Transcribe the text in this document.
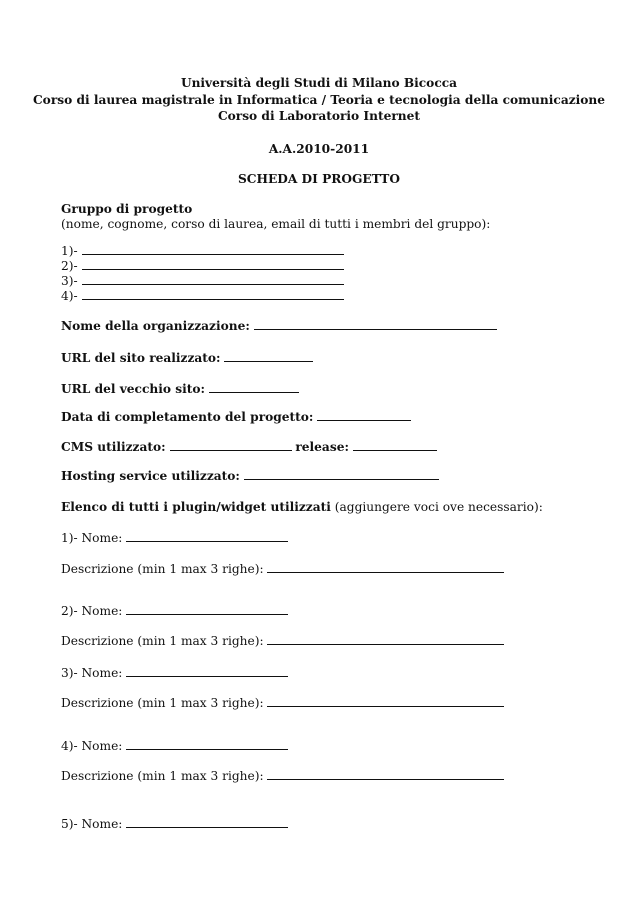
Università degli Studi di Milano Bicocca
Corso di laurea magistrale in Informatica / Teoria e tecnologia della comunicazione
Corso di Laboratorio Internet
A.A.2010-2011
SCHEDA DI PROGETTO
Gruppo di progetto
(nome, cognome, corso di laurea, email di tutti i membri del gruppo):
1)-
2)-
3)-
4)-
Nome della organizzazione:
URL del sito realizzato:
URL del vecchio sito:
Data di completamento del progetto:
CMS utilizzato:	release:
Hosting service utilizzato:
Elenco di tutti i plugin/widget utilizzati (aggiungere voci ove necessario):
1)- Nome:
Descrizione (min 1 max 3 righe):
2)- Nome:
Descrizione (min 1 max 3 righe):
3)- Nome:
Descrizione (min 1 max 3 righe):
4)- Nome:
Descrizione (min 1 max 3 righe):
5)- Nome:
